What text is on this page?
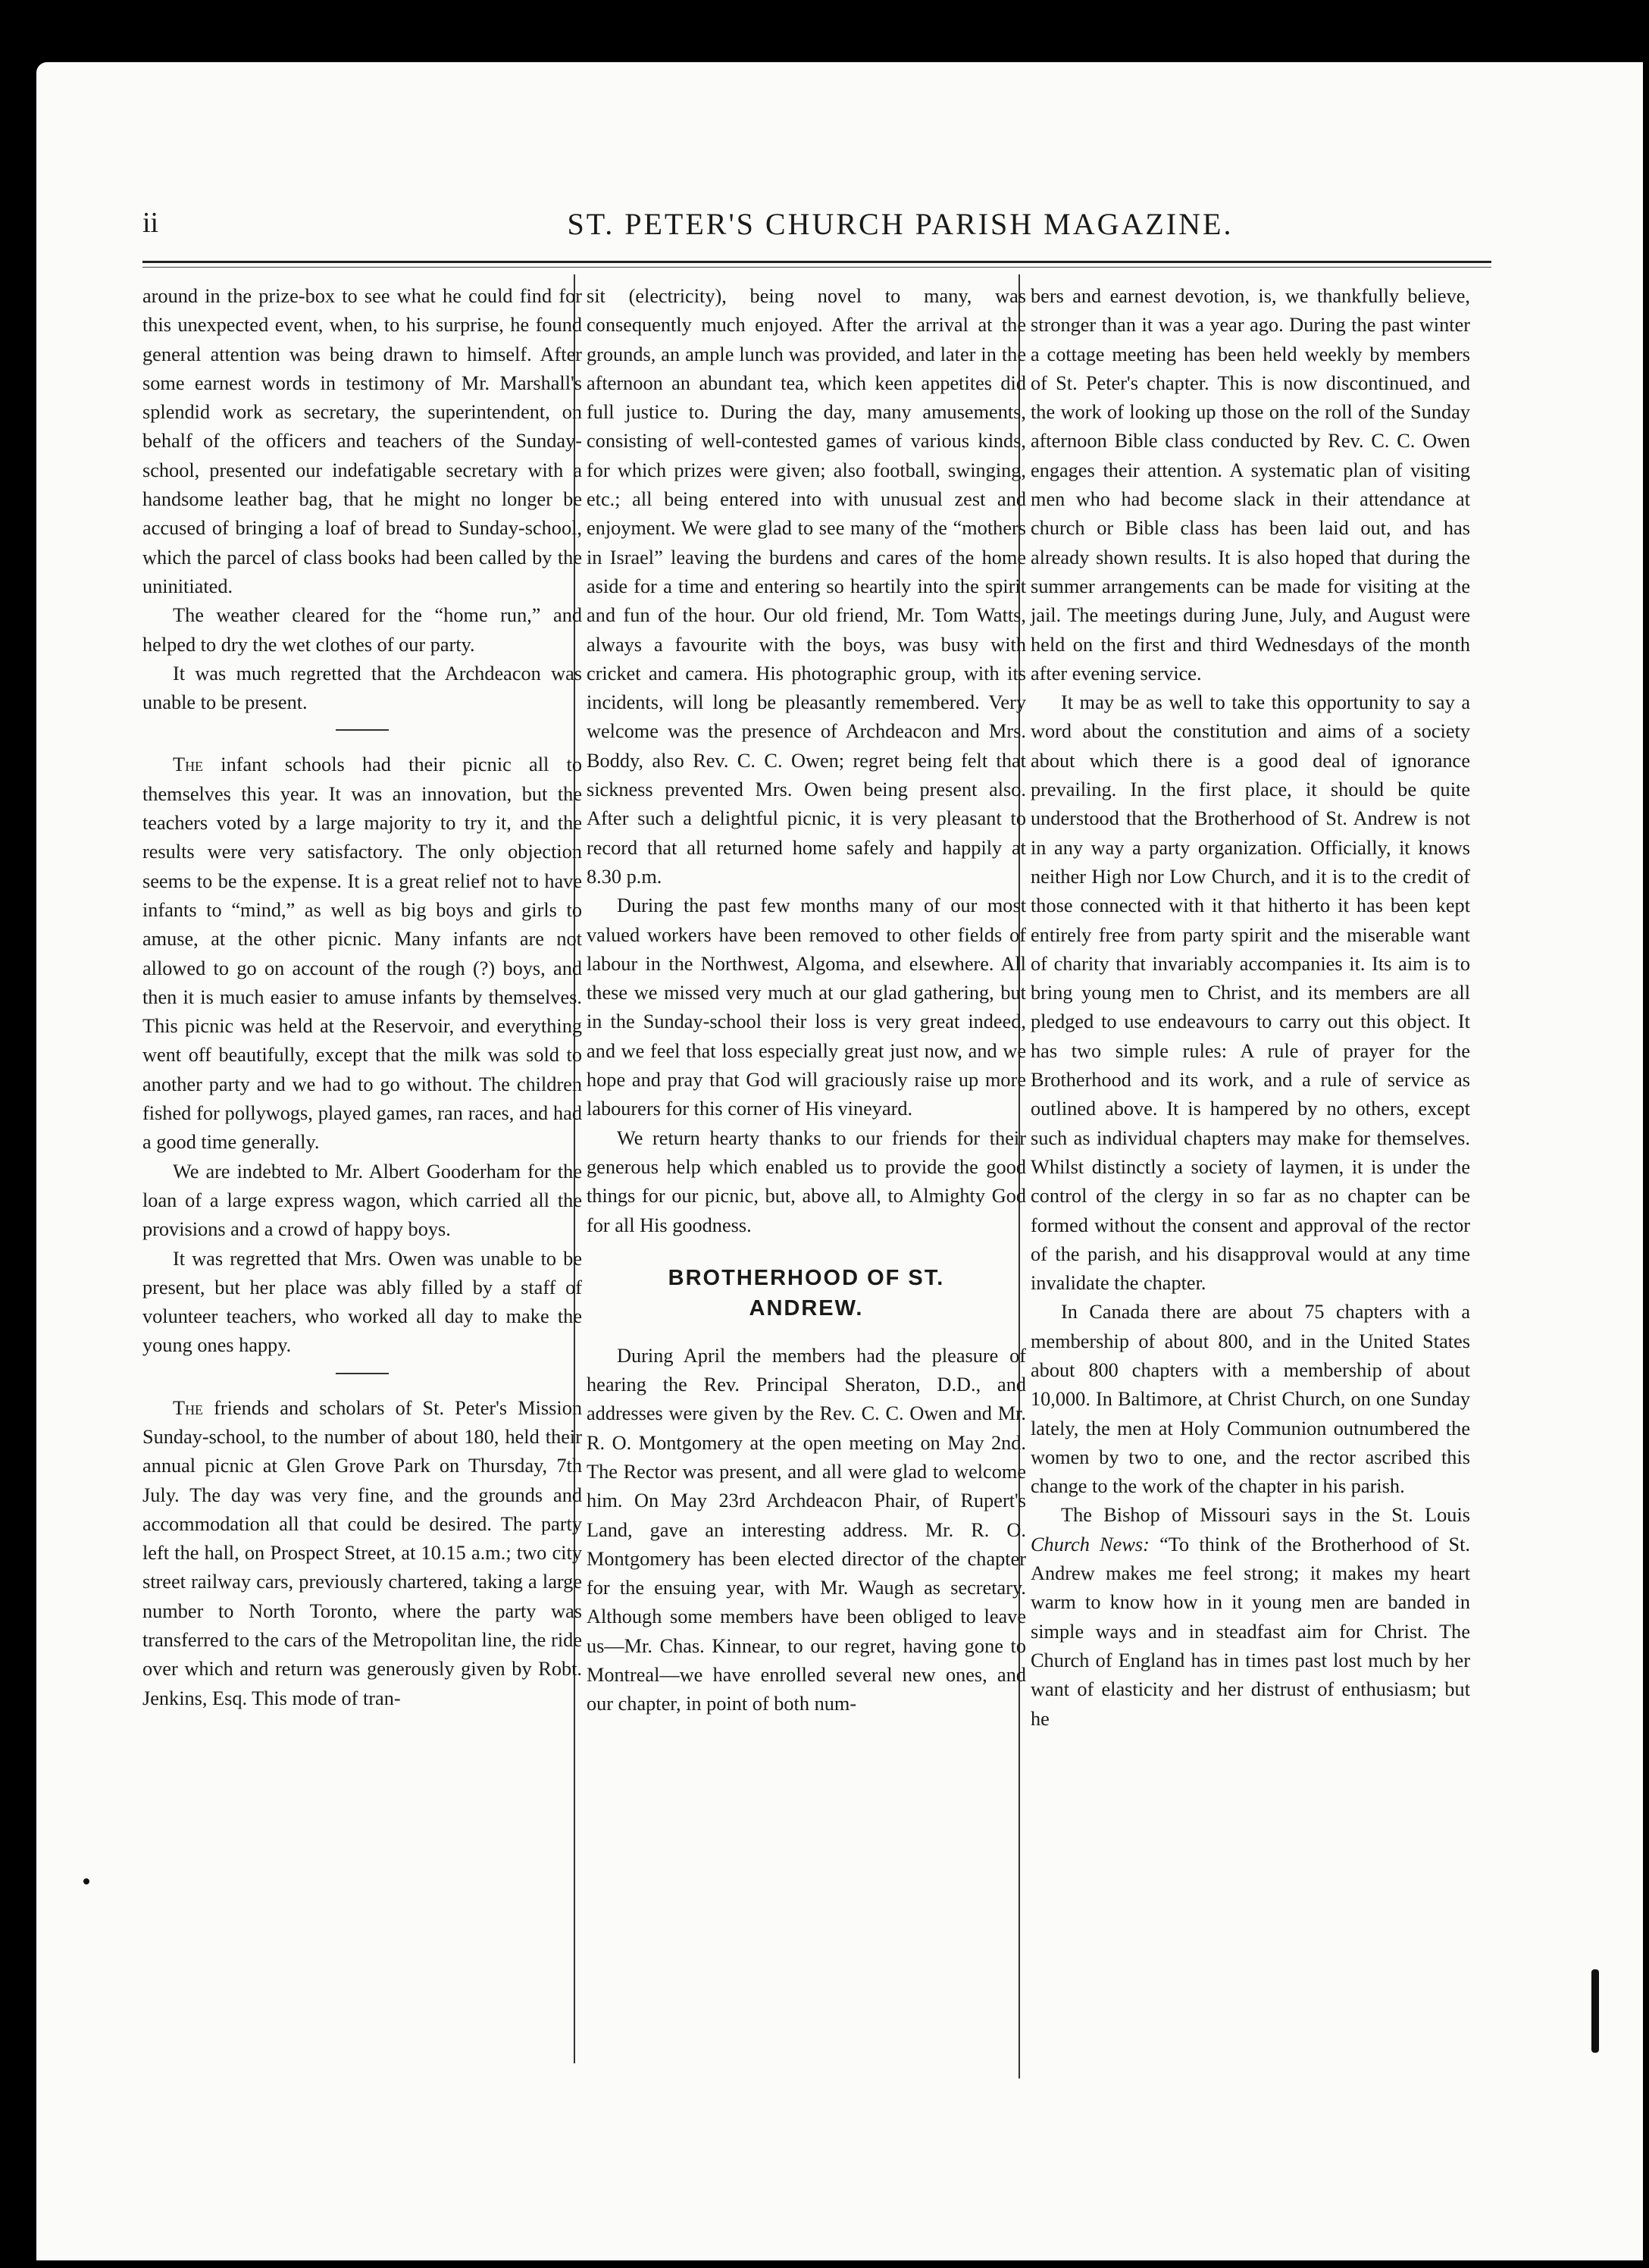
ii	ST. PETER'S CHURCH PARISH MAGAZINE.

around in the prize-box to see what he could find for this unexpected event, when, to his surprise, he found general attention was being drawn to himself. After some earnest words in testimony of Mr. Marshall's splendid work as secretary, the superintendent, on behalf of the officers and teachers of the Sunday-school, presented our indefatigable secretary with a handsome leather bag, that he might no longer be accused of bringing a loaf of bread to Sunday-school, which the parcel of class books had been called by the uninitiated.

The weather cleared for the “home run,” and helped to dry the wet clothes of our party.

It was much regretted that the Archdeacon was unable to be present.

The infant schools had their picnic all to themselves this year. It was an innovation, but the teachers voted by a large majority to try it, and the results were very satisfactory. The only objection seems to be the expense. It is a great relief not to have infants to “mind,” as well as big boys and girls to amuse, at the other picnic. Many infants are not allowed to go on account of the rough (?) boys, and then it is much easier to amuse infants by themselves. This picnic was held at the Reservoir, and everything went off beautifully, except that the milk was sold to another party and we had to go without. The children fished for pollywogs, played games, ran races, and had a good time generally.

We are indebted to Mr. Albert Gooderham for the loan of a large express wagon, which carried all the provisions and a crowd of happy boys.

It was regretted that Mrs. Owen was unable to be present, but her place was ably filled by a staff of volunteer teachers, who worked all day to make the young ones happy.

The friends and scholars of St. Peter's Mission Sunday-school, to the number of about 180, held their annual picnic at Glen Grove Park on Thursday, 7th July. The day was very fine, and the grounds and accommodation all that could be desired. The party left the hall, on Prospect Street, at 10.15 a.m.; two city street railway cars, previously chartered, taking a large number to North Toronto, where the party was transferred to the cars of the Metropolitan line, the ride over which and return was generously given by Robt. Jenkins, Esq. This mode of tran-

sit (electricity), being novel to many, was consequently much enjoyed. After the arrival at the grounds, an ample lunch was provided, and later in the afternoon an abundant tea, which keen appetites did full justice to. During the day, many amusements, consisting of well-contested games of various kinds, for which prizes were given; also football, swinging, etc.; all being entered into with unusual zest and enjoyment. We were glad to see many of the “mothers in Israel” leaving the burdens and cares of the home aside for a time and entering so heartily into the spirit and fun of the hour. Our old friend, Mr. Tom Watts, always a favourite with the boys, was busy with cricket and camera. His photographic group, with its incidents, will long be pleasantly remembered. Very welcome was the presence of Archdeacon and Mrs. Boddy, also Rev. C. C. Owen; regret being felt that sickness prevented Mrs. Owen being present also. After such a delightful picnic, it is very pleasant to record that all returned home safely and happily at 8.30 p.m.

During the past few months many of our most valued workers have been removed to other fields of labour in the Northwest, Algoma, and elsewhere. All these we missed very much at our glad gathering, but in the Sunday-school their loss is very great indeed, and we feel that loss especially great just now, and we hope and pray that God will graciously raise up more labourers for this corner of His vineyard.

We return hearty thanks to our friends for their generous help which enabled us to provide the good things for our picnic, but, above all, to Almighty God for all His goodness.

BROTHERHOOD OF ST.
ANDREW.

During April the members had the pleasure of hearing the Rev. Principal Sheraton, D.D., and addresses were given by the Rev. C. C. Owen and Mr. R. O. Montgomery at the open meeting on May 2nd. The Rector was present, and all were glad to welcome him. On May 23rd Archdeacon Phair, of Rupert's Land, gave an interesting address. Mr. R. O. Montgomery has been elected director of the chapter for the ensuing year, with Mr. Waugh as secretary. Although some members have been obliged to leave us—Mr. Chas. Kinnear, to our regret, having gone to Montreal—we have enrolled several new ones, and our chapter, in point of both num-

bers and earnest devotion, is, we thankfully believe, stronger than it was a year ago. During the past winter a cottage meeting has been held weekly by members of St. Peter's chapter. This is now discontinued, and the work of looking up those on the roll of the Sunday afternoon Bible class conducted by Rev. C. C. Owen engages their attention. A systematic plan of visiting men who had become slack in their attendance at church or Bible class has been laid out, and has already shown results. It is also hoped that during the summer arrangements can be made for visiting at the jail. The meetings during June, July, and August were held on the first and third Wednesdays of the month after evening service.

It may be as well to take this opportunity to say a word about the constitution and aims of a society about which there is a good deal of ignorance prevailing. In the first place, it should be quite understood that the Brotherhood of St. Andrew is not in any way a party organization. Officially, it knows neither High nor Low Church, and it is to the credit of those connected with it that hitherto it has been kept entirely free from party spirit and the miserable want of charity that invariably accompanies it. Its aim is to bring young men to Christ, and its members are all pledged to use endeavours to carry out this object. It has two simple rules: A rule of prayer for the Brotherhood and its work, and a rule of service as outlined above. It is hampered by no others, except such as individual chapters may make for themselves. Whilst distinctly a society of laymen, it is under the control of the clergy in so far as no chapter can be formed without the consent and approval of the rector of the parish, and his disapproval would at any time invalidate the chapter.

In Canada there are about 75 chapters with a membership of about 800, and in the United States about 800 chapters with a membership of about 10,000. In Baltimore, at Christ Church, on one Sunday lately, the men at Holy Communion outnumbered the women by two to one, and the rector ascribed this change to the work of the chapter in his parish.

The Bishop of Missouri says in the St. Louis Church News: “To think of the Brotherhood of St. Andrew makes me feel strong; it makes my heart warm to know how in it young men are banded in simple ways and in steadfast aim for Christ. The Church of England has in times past lost much by her want of elasticity and her distrust of enthusiasm; but he
